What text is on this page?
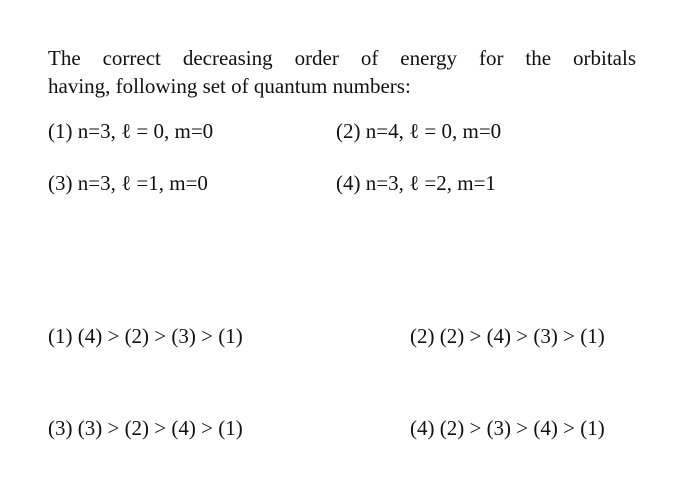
The correct decreasing order of energy for the orbitals
having, following set of quantum numbers:
(1) n=3, ℓ = 0, m=0	(2) n=4, ℓ = 0, m=0
(3) n=3, ℓ =1, m=0	(4) n=3, ℓ =2, m=1
(1) (4) > (2) > (3) > (1)	(2) (2) > (4) > (3) > (1)
(3) (3) > (2) > (4) > (1)	(4) (2) > (3) > (4) > (1)
